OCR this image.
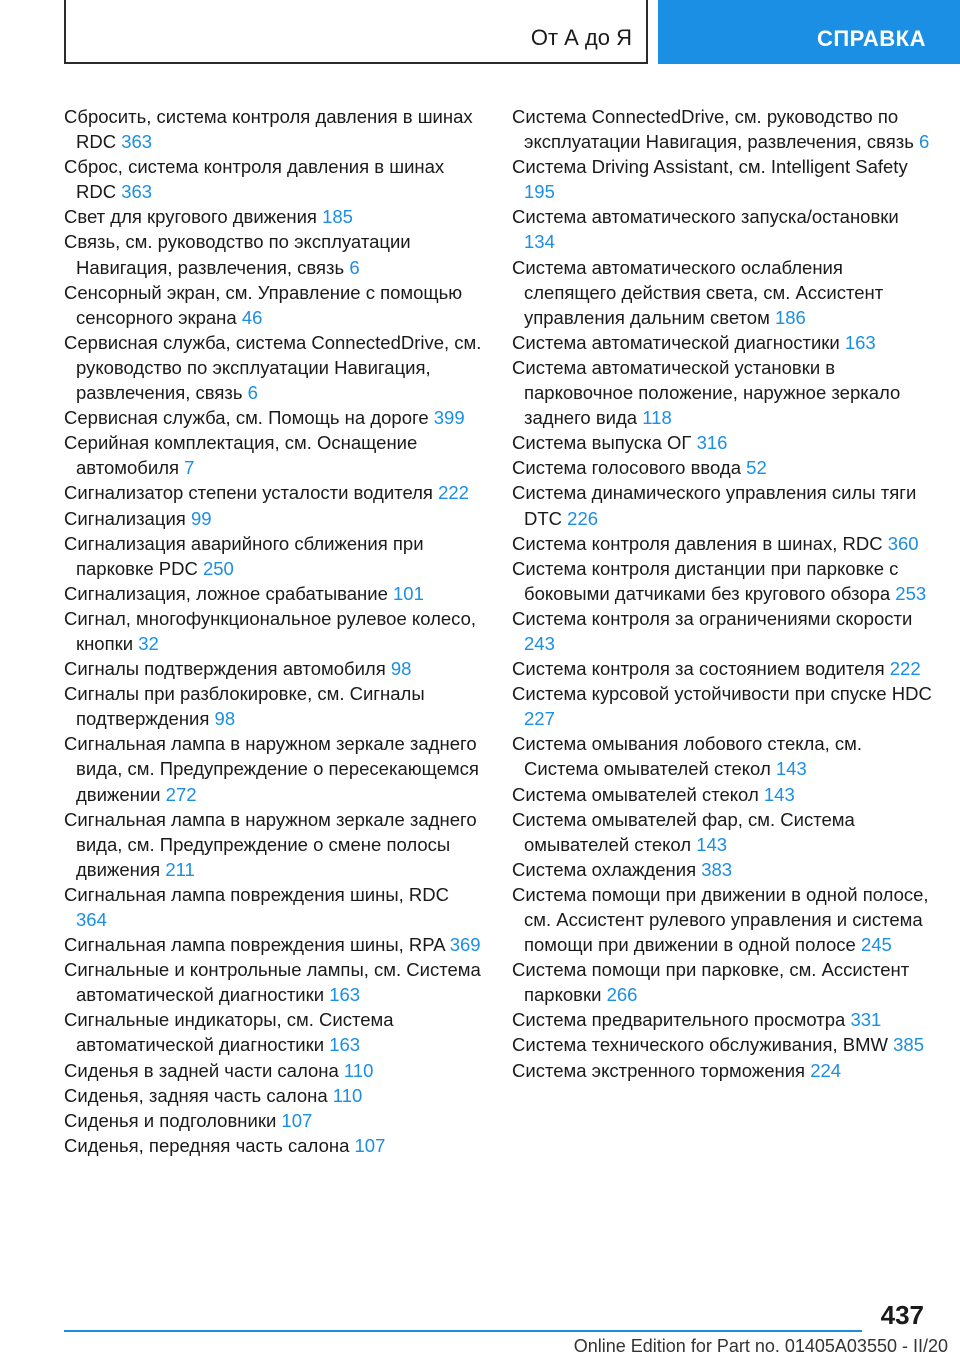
От А до Я	СПРАВКА
Сбросить, система контроля давления в шинах RDC 363
Сброс, система контроля давления в шинах RDC 363
Свет для кругового движения 185
Связь, см. руководство по эксплуатации Навигация, развлечения, связь 6
Сенсорный экран, см. Управление с помощью сенсорного экрана 46
Сервисная служба, система ConnectedDrive, см. руководство по эксплуатации Навигация, развлечения, связь 6
Сервисная служба, см. Помощь на дороге 399
Серийная комплектация, см. Оснащение автомобиля 7
Сигнализатор степени усталости водителя 222
Сигнализация 99
Сигнализация аварийного сближения при парковке PDC 250
Сигнализация, ложное срабатывание 101
Сигнал, многофункциональное рулевое колесо, кнопки 32
Сигналы подтверждения автомобиля 98
Сигналы при разблокировке, см. Сигналы подтверждения 98
Сигнальная лампа в наружном зеркале заднего вида, см. Предупреждение о пересекающемся движении 272
Сигнальная лампа в наружном зеркале заднего вида, см. Предупреждение о смене полосы движения 211
Сигнальная лампа повреждения шины, RDC 364
Сигнальная лампа повреждения шины, RPA 369
Сигнальные и контрольные лампы, см. Система автоматической диагностики 163
Сигнальные индикаторы, см. Система автоматической диагностики 163
Сиденья в задней части салона 110
Сиденья, задняя часть салона 110
Сиденья и подголовники 107
Сиденья, передняя часть салона 107
Система ConnectedDrive, см. руководство по эксплуатации Навигация, развлечения, связь 6
Система Driving Assistant, см. Intelligent Safety 195
Система автоматического запуска/остановки 134
Система автоматического ослабления слепящего действия света, см. Ассистент управления дальним светом 186
Система автоматической диагностики 163
Система автоматической установки в парковочное положение, наружное зеркало заднего вида 118
Система выпуска ОГ 316
Система голосового ввода 52
Система динамического управления силы тяги DTC 226
Система контроля давления в шинах, RDC 360
Система контроля дистанции при парковке с боковыми датчиками без кругового обзора 253
Система контроля за ограничениями скорости 243
Система контроля за состоянием водителя 222
Система курсовой устойчивости при спуске HDC 227
Система омывания лобового стекла, см. Система омывателей стекол 143
Система омывателей стекол 143
Система омывателей фар, см. Система омывателей стекол 143
Система охлаждения 383
Система помощи при движении в одной полосе, см. Ассистент рулевого управления и система помощи при движении в одной полосе 245
Система помощи при парковке, см. Ассистент парковки 266
Система предварительного просмотра 331
Система технического обслуживания, BMW 385
Система экстренного торможения 224
437
Online Edition for Part no. 01405A03550 - II/20
